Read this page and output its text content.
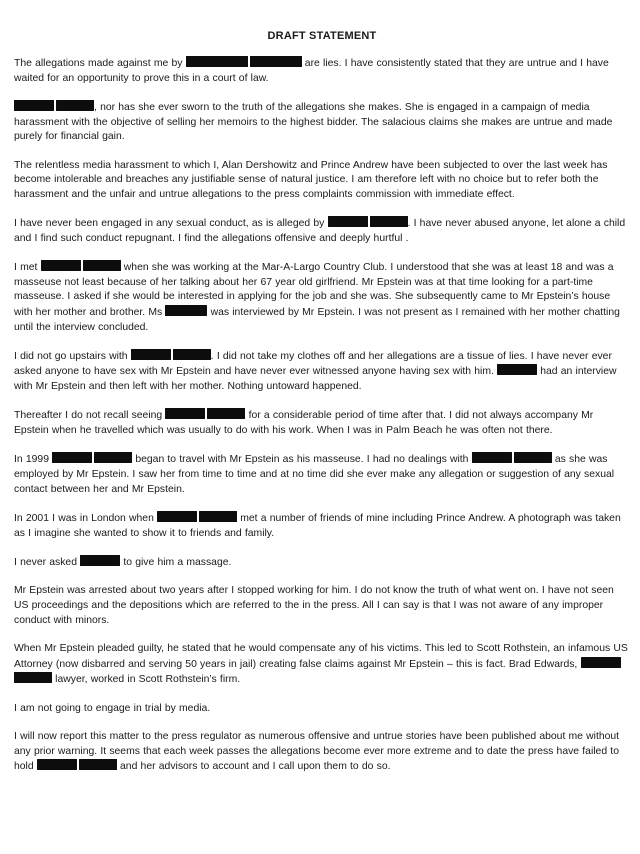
DRAFT STATEMENT

The allegations made against me by	are lies. I have consistently stated that they are untrue and I have waited for an opportunity to prove this in a court of law.

, nor has she ever sworn to the truth of the allegations she makes. She is engaged in a campaign of media harassment with the objective of selling her memoirs to the highest bidder. The salacious claims she makes are untrue and made purely for financial gain.

The relentless media harassment to which I, Alan Dershowitz and Prince Andrew have been subjected to over the last week has become intolerable and breaches any justifiable sense of natural justice. I am therefore left with no choice but to refer both the harassment and the unfair and untrue allegations to the press complaints commission with immediate effect.

I have never been engaged in any sexual conduct, as is alleged by	. I have never abused anyone, let alone a child and I find such conduct repugnant. I find the allegations offensive and deeply hurtful .

I met	when she was working at the Mar-A-Largo Country Club. I understood that she was at least 18 and was a masseuse not least because of her talking about her 67 year old girlfriend. Mr Epstein was at that time looking for a part-time masseuse. I asked if she would be interested in applying for the job and she was. She subsequently came to Mr Epstein’s house with her mother and brother. Ms	was interviewed by Mr Epstein. I was not present as I remained with her mother chatting until the interview concluded.

I did not go upstairs with	. I did not take my clothes off and her allegations are a tissue of lies. I have never ever asked anyone to have sex with Mr Epstein and have never ever witnessed anyone having sex with him.	had an interview with Mr Epstein and then left with her mother. Nothing untoward happened.

Thereafter I do not recall seeing	for a considerable period of time after that. I did not always accompany Mr Epstein when he travelled which was usually to do with his work. When I was in Palm Beach he was often not there.

In 1999	began to travel with Mr Epstein as his masseuse. I had no dealings with	as she was employed by Mr Epstein. I saw her from time to time and at no time did she ever make any allegation or suggestion of any sexual contact between her and Mr Epstein.

In 2001 I was in London when	met a number of friends of mine including Prince Andrew. A photograph was taken as I imagine she wanted to show it to friends and family.

I never asked	to give him a massage.

Mr Epstein was arrested about two years after I stopped working for him. I do not know the truth of what went on. I have not seen US proceedings and the depositions which are referred to the in the press. All I can say is that I was not aware of any improper conduct with minors.

When Mr Epstein pleaded guilty, he stated that he would compensate any of his victims. This led to Scott Rothstein, an infamous US Attorney (now disbarred and serving 50 years in jail) creating false claims against Mr Epstein – this is fact. Brad Edwards,  lawyer, worked in Scott Rothstein’s firm.

I am not going to engage in trial by media.

I will now report this matter to the press regulator as numerous offensive and untrue stories have been published about me without any prior warning. It seems that each week passes the allegations become ever more extreme and to date the press have failed to hold	and her advisors to account and I call upon them to do so.
